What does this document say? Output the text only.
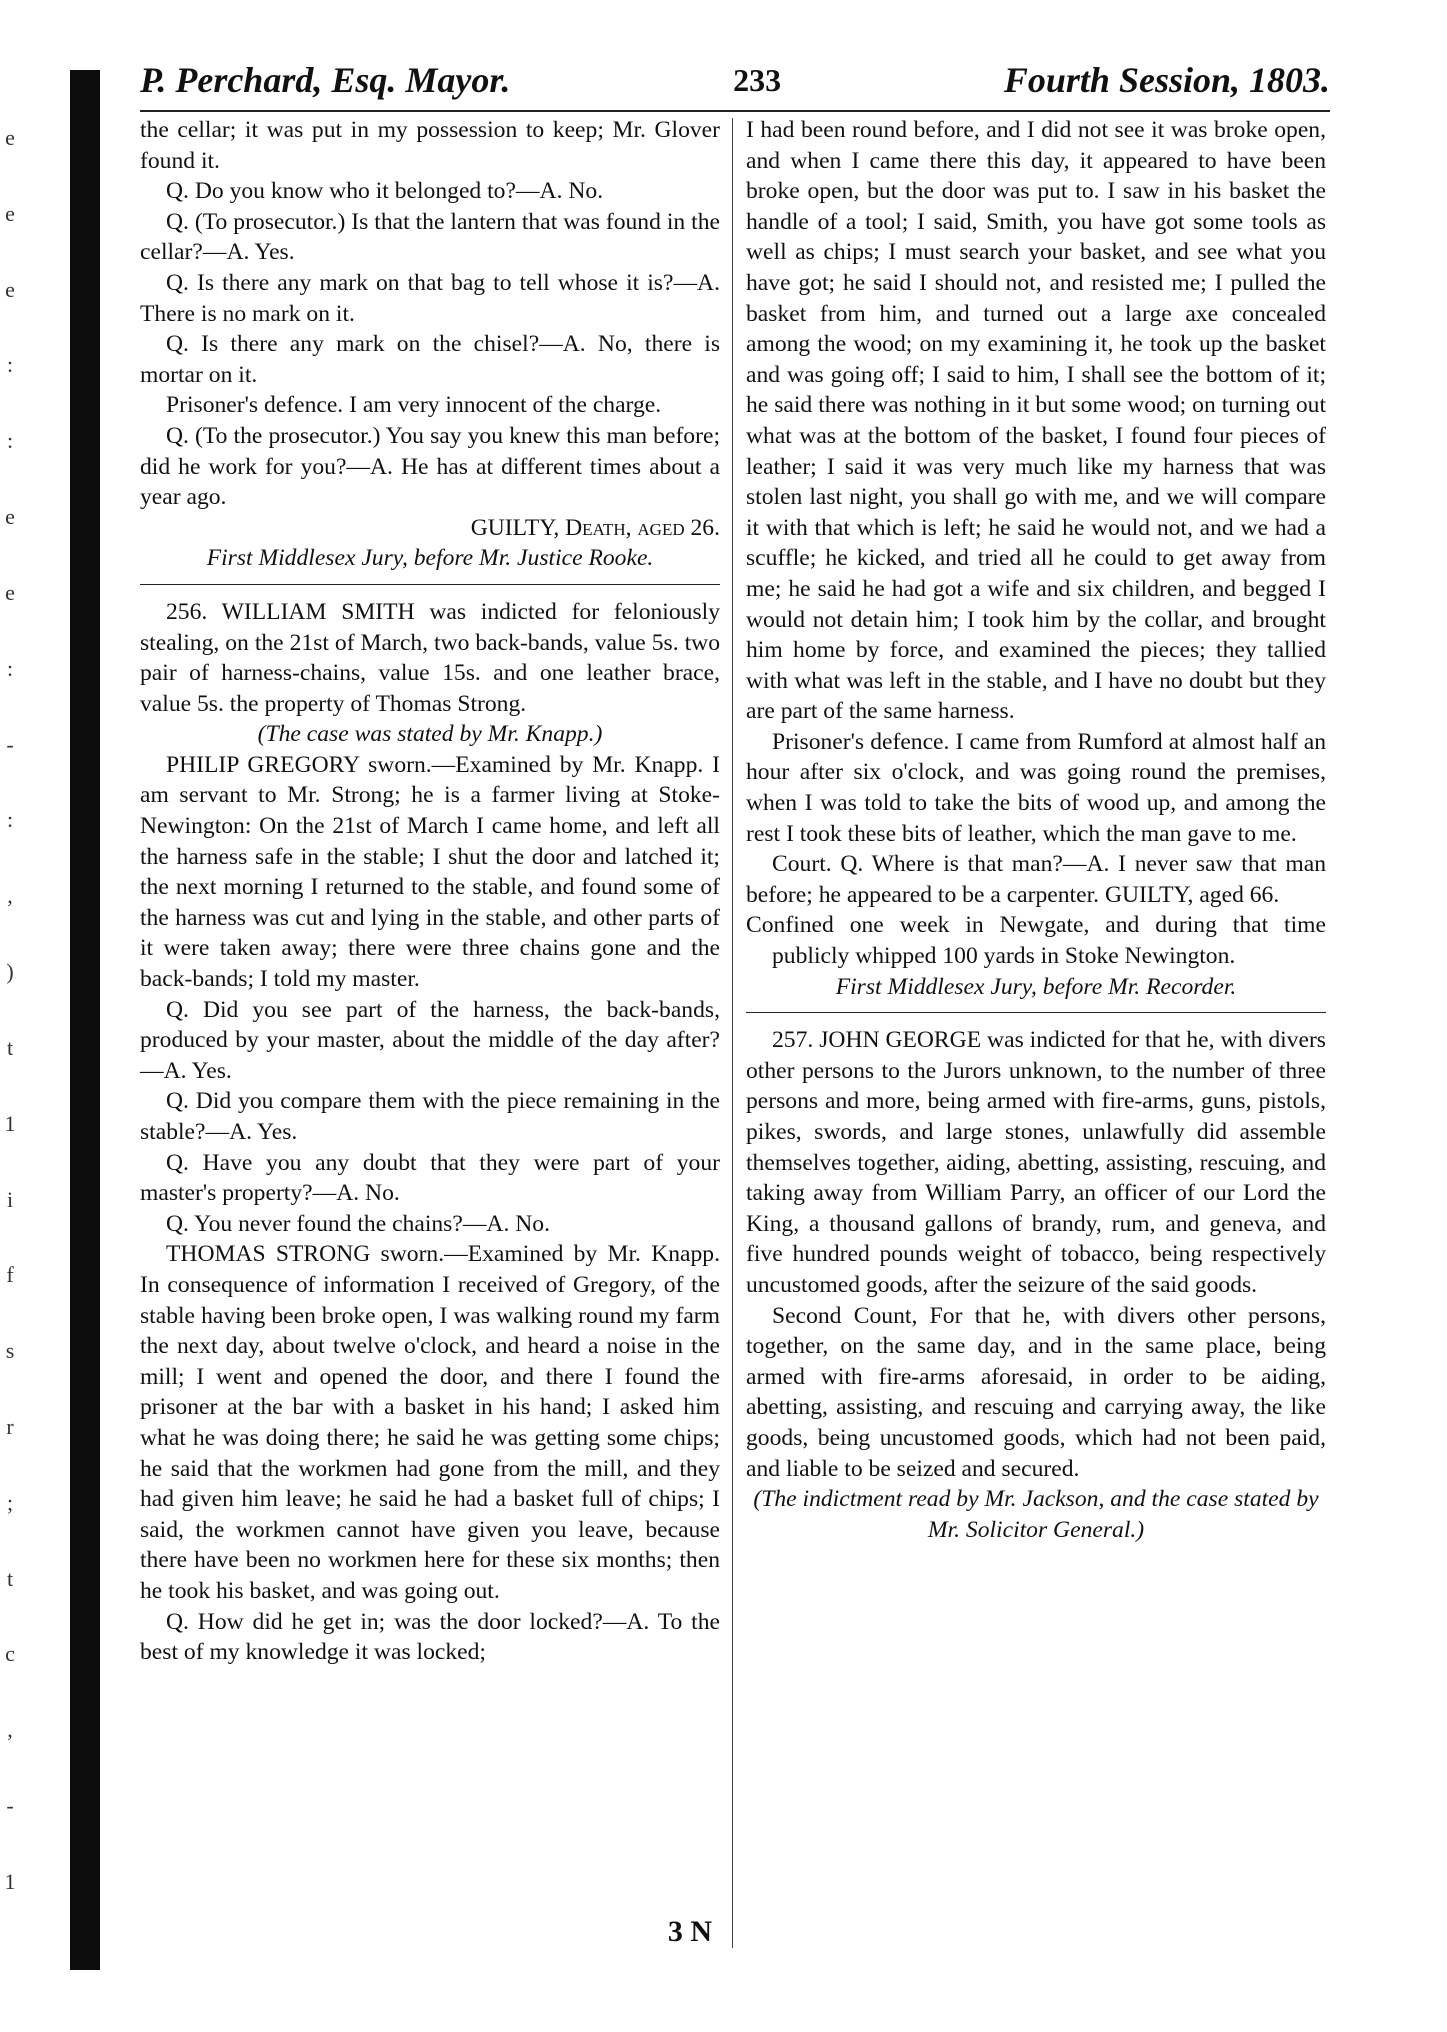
e
e
e
:
:
e
e
:
-
:
,
)
t
1
i
f
s
r
;
t
c
,
-
1
P. Perchard, Esq. Mayor.	233	Fourth Session, 1803.

the cellar; it was put in my possession to keep; Mr. Glover found it.

Q. Do you know who it belonged to?—A. No.

Q. (To prosecutor.) Is that the lantern that was found in the cellar?—A. Yes.

Q. Is there any mark on that bag to tell whose it is?—A. There is no mark on it.

Q. Is there any mark on the chisel?—A. No, there is mortar on it.

Prisoner's defence. I am very innocent of the charge.

Q. (To the prosecutor.) You say you knew this man before; did he work for you?—A. He has at different times about a year ago.

GUILTY, Death, aged 26.

First Middlesex Jury, before Mr. Justice Rooke.

256. WILLIAM SMITH was indicted for feloniously stealing, on the 21st of March, two back-bands, value 5s. two pair of harness-chains, value 15s. and one leather brace, value 5s. the property of Thomas Strong.

(The case was stated by Mr. Knapp.)

PHILIP GREGORY sworn.—Examined by Mr. Knapp. I am servant to Mr. Strong; he is a farmer living at Stoke-Newington: On the 21st of March I came home, and left all the harness safe in the stable; I shut the door and latched it; the next morning I returned to the stable, and found some of the harness was cut and lying in the stable, and other parts of it were taken away; there were three chains gone and the back-bands; I told my master.

Q. Did you see part of the harness, the back-bands, produced by your master, about the middle of the day after?—A. Yes.

Q. Did you compare them with the piece remaining in the stable?—A. Yes.

Q. Have you any doubt that they were part of your master's property?—A. No.

Q. You never found the chains?—A. No.

THOMAS STRONG sworn.—Examined by Mr. Knapp. In consequence of information I received of Gregory, of the stable having been broke open, I was walking round my farm the next day, about twelve o'clock, and heard a noise in the mill; I went and opened the door, and there I found the prisoner at the bar with a basket in his hand; I asked him what he was doing there; he said he was getting some chips; he said that the workmen had gone from the mill, and they had given him leave; he said he had a basket full of chips; I said, the workmen cannot have given you leave, because there have been no workmen here for these six months; then he took his basket, and was going out.

Q. How did he get in; was the door locked?—A. To the best of my knowledge it was locked;

I had been round before, and I did not see it was broke open, and when I came there this day, it appeared to have been broke open, but the door was put to. I saw in his basket the handle of a tool; I said, Smith, you have got some tools as well as chips; I must search your basket, and see what you have got; he said I should not, and resisted me; I pulled the basket from him, and turned out a large axe concealed among the wood; on my examining it, he took up the basket and was going off; I said to him, I shall see the bottom of it; he said there was nothing in it but some wood; on turning out what was at the bottom of the basket, I found four pieces of leather; I said it was very much like my harness that was stolen last night, you shall go with me, and we will compare it with that which is left; he said he would not, and we had a scuffle; he kicked, and tried all he could to get away from me; he said he had got a wife and six children, and begged I would not detain him; I took him by the collar, and brought him home by force, and examined the pieces; they tallied with what was left in the stable, and I have no doubt but they are part of the same harness.

Prisoner's defence. I came from Rumford at almost half an hour after six o'clock, and was going round the premises, when I was told to take the bits of wood up, and among the rest I took these bits of leather, which the man gave to me.

Court. Q. Where is that man?—A. I never saw that man before; he appeared to be a carpenter. GUILTY, aged 66.

Confined one week in Newgate, and during that time publicly whipped 100 yards in Stoke Newington.

First Middlesex Jury, before Mr. Recorder.

257. JOHN GEORGE was indicted for that he, with divers other persons to the Jurors unknown, to the number of three persons and more, being armed with fire-arms, guns, pistols, pikes, swords, and large stones, unlawfully did assemble themselves together, aiding, abetting, assisting, rescuing, and taking away from William Parry, an officer of our Lord the King, a thousand gallons of brandy, rum, and geneva, and five hundred pounds weight of tobacco, being respectively uncustomed goods, after the seizure of the said goods.

Second Count, For that he, with divers other persons, together, on the same day, and in the same place, being armed with fire-arms aforesaid, in order to be aiding, abetting, assisting, and rescuing and carrying away, the like goods, being uncustomed goods, which had not been paid, and liable to be seized and secured.

(The indictment read by Mr. Jackson, and the case stated by Mr. Solicitor General.)

3 N
